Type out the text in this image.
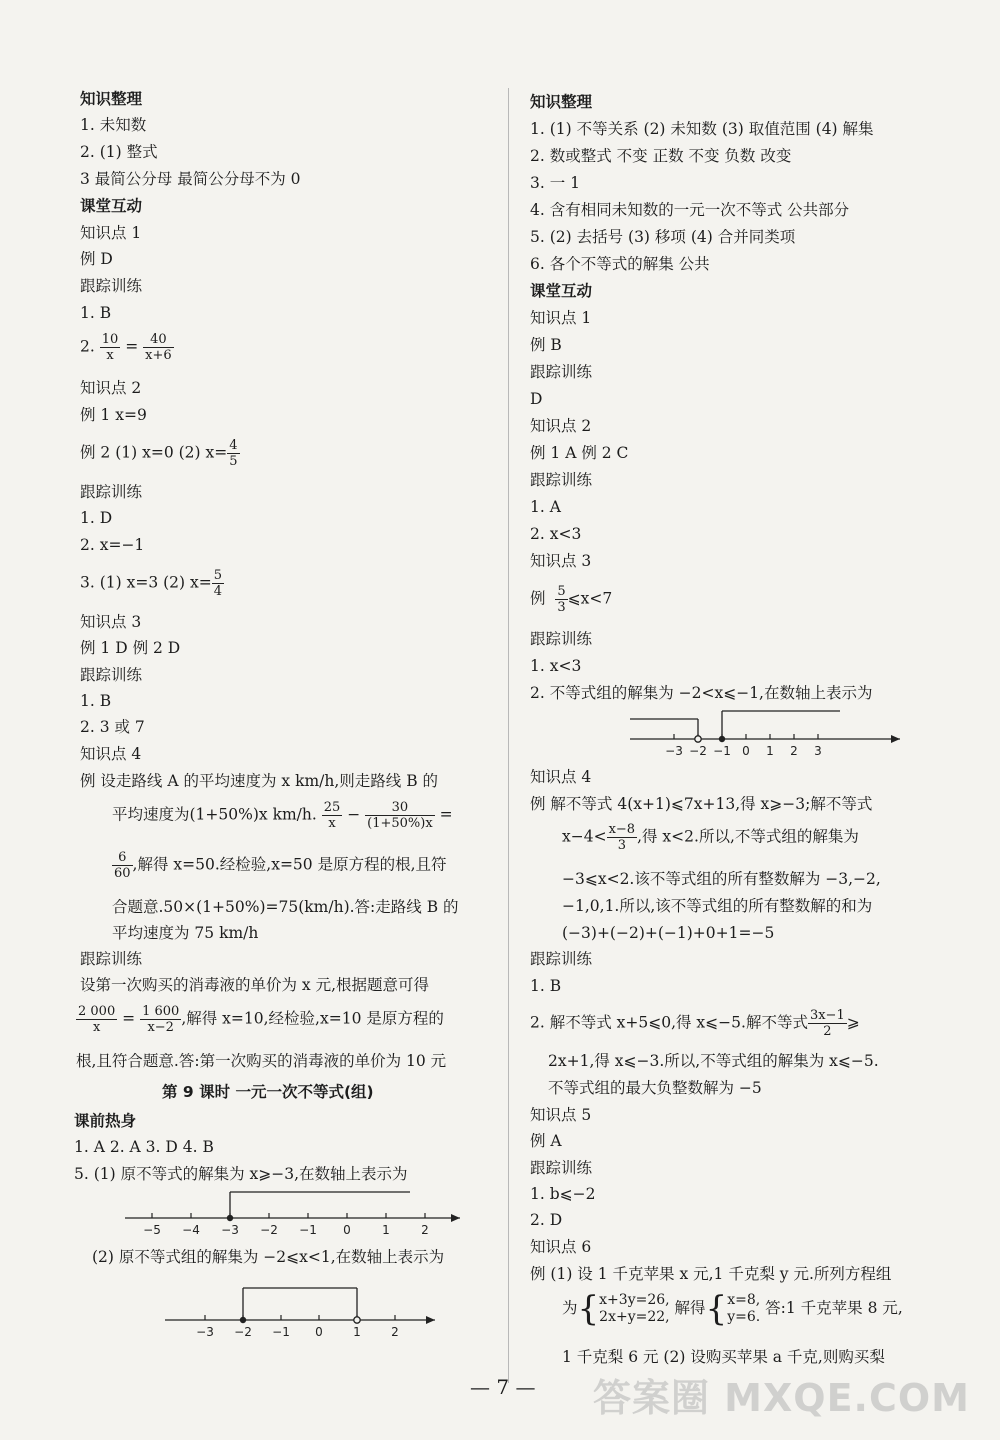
知识整理
1. 未知数
2. (1) 整式
3 最简公分母 最简公分母不为 0
课堂互动
知识点 1
例 D
跟踪训练
1. B
2. $\frac{10}{x} = \frac{40}{x+6}$
知识点 2
例 1 x=9
例 2 (1) x=0 (2) $x= \frac{4}{5}$
跟踪训练
1. D
2. x=−1
3. (1) x=3 (2) $x= \frac{5}{4}$
知识点 3
例 1 D 例 2 D
跟踪训练
1. B
2. 3 或 7
知识点 4
例 设走路线 A 的平均速度为 x km/h,则走路线 B 的
平均速度为(1+50%)x km/h. $\frac{25}{x} - \frac{30}{(1+50\%)x}$ =
$\frac{6}{60}$ ,解得 x=50.经检验,x=50 是原方程的根,且符
合题意.50×(1+50%)=75(km/h).答:走路线 B 的
平均速度为 75 km/h
跟踪训练
设第一次购买的消毒液的单价为 x 元,根据题意可得
$\frac{2 000}{x} = \frac{1 600}{x-2}$ ,解得 x=10,经检验,x=10 是原方程的
根,且符合题意.答:第一次购买的消毒液的单价为 10 元
第 9 课时 一元一次不等式(组)
课前热身
1. A 2. A 3. D 4. B
5. (1) 原不等式的解集为 x⩾−3,在数轴上表示为
−5 −4 −3 −2 −1 0	1	2
(2) 原不等式组的解集为 −2⩽x<1,在数轴上表示为
−3 −2 −1 0	1	2
知识整理
1. (1) 不等关系 (2) 未知数 (3) 取值范围 (4) 解集
2. 数或整式 不变 正数 不变 负数 改变
3. 一 1
4. 含有相同未知数的一元一次不等式 公共部分
5. (2) 去括号 (3) 移项 (4) 合并同类项
6. 各个不等式的解集 公共
课堂互动
知识点 1
例 B
跟踪训练
D
知识点 2
例 1 A 例 2 C
跟踪训练
1. A
2. x<3
知识点 3
例 $\frac{5}{3}$ ⩽x<7
跟踪训练
1. x<3
2. 不等式组的解集为 −2<x⩽−1,在数轴上表示为
−3 −2 −1 0 1 2 3
知识点 4
例 解不等式 4(x+1)⩽7x+13,得 x⩾−3;解不等式
$x-4< \frac{x-8}{3}$ ,得 x<2.所以,不等式组的解集为
−3⩽x<2.该不等式组的所有整数解为 −3,−2,
−1,0,1.所以,该不等式组的所有整数解的和为
(−3)+(−2)+(−1)+0+1=−5
跟踪训练
1. B
2. 解不等式 x+5⩽0,得 x⩽−5.解不等式 $\frac{3x-1}{2}$ ⩾
2x+1,得 x⩽−3.所以,不等式组的解集为 x⩽−5.
不等式组的最大负整数解为 −5
知识点 5
例 A
跟踪训练
1. b⩽−2
2. D
知识点 6
例 (1) 设 1 千克苹果 x 元,1 千克梨 y 元.所列方程组
为{ x+3y=26,
2x+y=22, 解得{ x=8,
y=6. 答:1 千克苹果 8 元,
1 千克梨 6 元 (2) 设购买苹果 a 千克,则购买梨
— 7 — 答案圈 MXQE.COM
